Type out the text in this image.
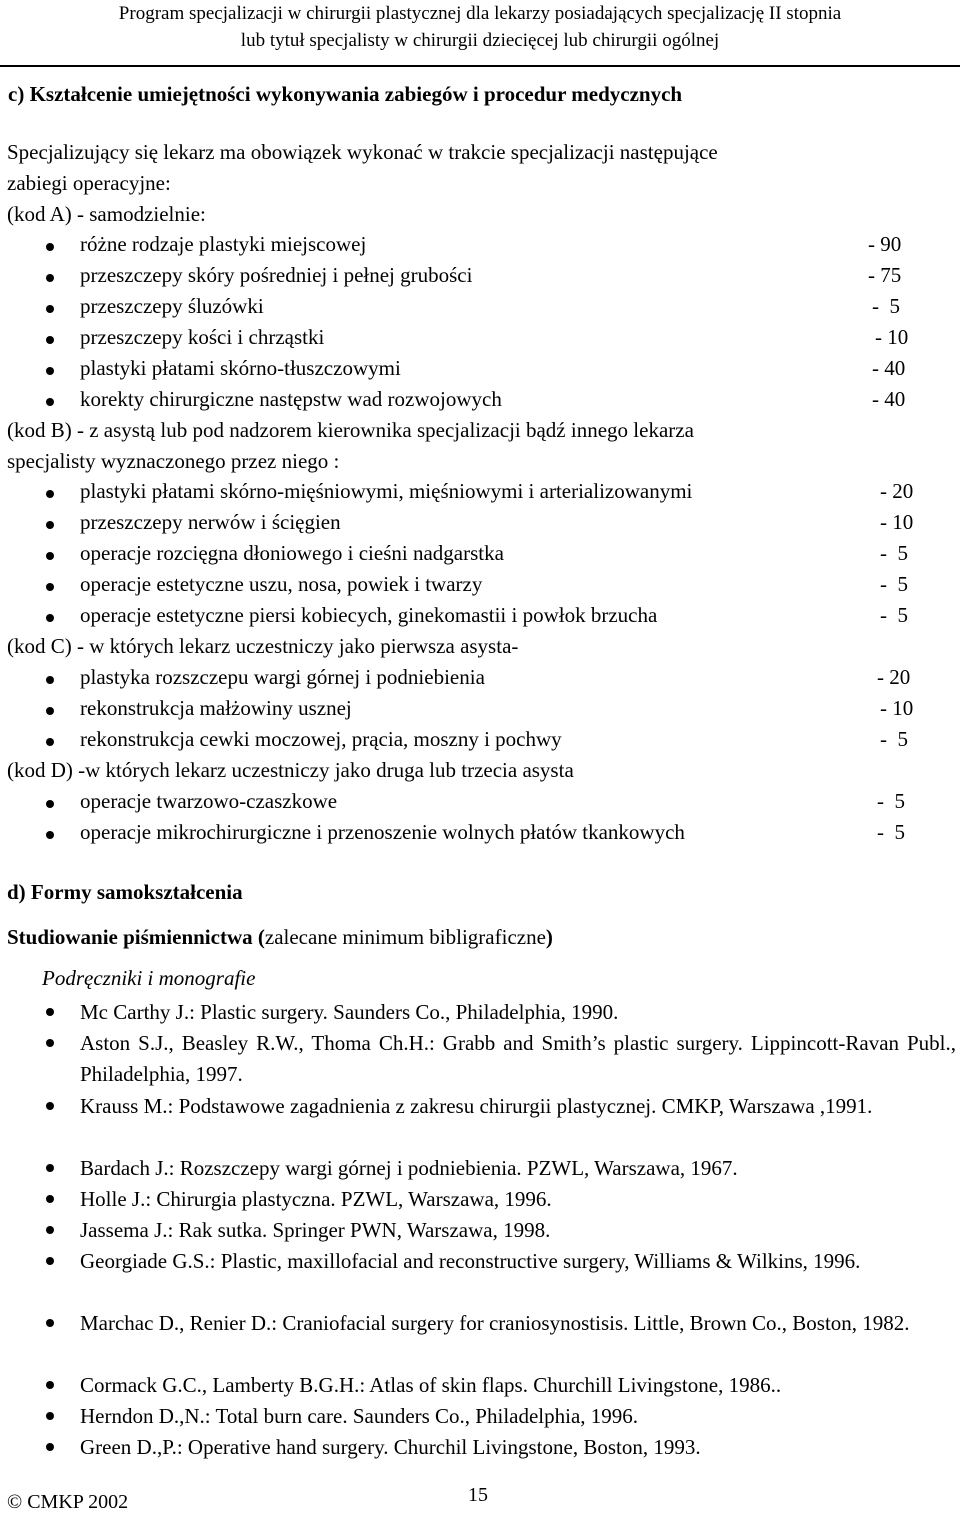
Program specjalizacji w chirurgii plastycznej dla lekarzy posiadających specjalizację II stopnia
lub tytuł specjalisty w chirurgii dziecięcej lub chirurgii ogólnej
c) Kształcenie umiejętności wykonywania zabiegów i procedur medycznych
Specjalizujący się lekarz ma obowiązek wykonać w trakcie specjalizacji następujące
zabiegi operacyjne:
(kod A) - samodzielnie:
różne rodzaje plastyki miejscowej	- 90
przeszczepy skóry pośredniej i pełnej grubości	- 75
przeszczepy śluzówki	-  5
przeszczepy kości i chrząstki	- 10
plastyki płatami skórno-tłuszczowymi	- 40
korekty chirurgiczne następstw wad rozwojowych	- 40
(kod B) - z asystą lub pod nadzorem kierownika specjalizacji bądź innego lekarza
specjalisty wyznaczonego przez niego :
plastyki płatami skórno-mięśniowymi, mięśniowymi i arterializowanymi	- 20
przeszczepy nerwów i ścięgien	- 10
operacje rozcięgna dłoniowego i cieśni nadgarstka	-  5
operacje estetyczne uszu, nosa, powiek i twarzy	-  5
operacje estetyczne piersi kobiecych, ginekomastii i powłok brzucha	-  5
(kod C) - w których lekarz uczestniczy jako pierwsza asysta-
plastyka rozszczepu wargi górnej i podniebienia	- 20
rekonstrukcja małżowiny usznej	- 10
rekonstrukcja cewki moczowej, prącia, moszny i pochwy	-  5
(kod D) -w których lekarz uczestniczy jako druga lub trzecia asysta
operacje twarzowo-czaszkowe	-  5
operacje mikrochirurgiczne i przenoszenie wolnych płatów tkankowych	-  5
d) Formy samokształcenia
Studiowanie piśmiennictwa (zalecane minimum bibligraficzne)
Podręczniki i monografie
Mc Carthy J.: Plastic surgery. Saunders Co., Philadelphia, 1990.
Aston S.J., Beasley R.W., Thoma Ch.H.: Grabb and Smith’s plastic surgery. Lippincott-Ravan Publ., Philadelphia, 1997.
Krauss M.: Podstawowe zagadnienia z zakresu chirurgii plastycznej. CMKP, Warszawa ,1991.
Bardach J.: Rozszczepy wargi górnej i podniebienia. PZWL, Warszawa, 1967.
Holle J.: Chirurgia plastyczna. PZWL, Warszawa, 1996.
Jassema J.: Rak sutka. Springer PWN, Warszawa, 1998.
Georgiade G.S.: Plastic, maxillofacial and reconstructive surgery, Williams & Wilkins, 1996.
Marchac D., Renier D.: Craniofacial surgery for craniosynostisis. Little, Brown Co., Boston, 1982.
Cormack G.C., Lamberty B.G.H.: Atlas of skin flaps. Churchill Livingstone, 1986..
Herndon D.,N.: Total burn care. Saunders Co., Philadelphia, 1996.
Green D.,P.: Operative hand surgery. Churchil Livingstone, Boston, 1993.
© CMKP 2002	15
